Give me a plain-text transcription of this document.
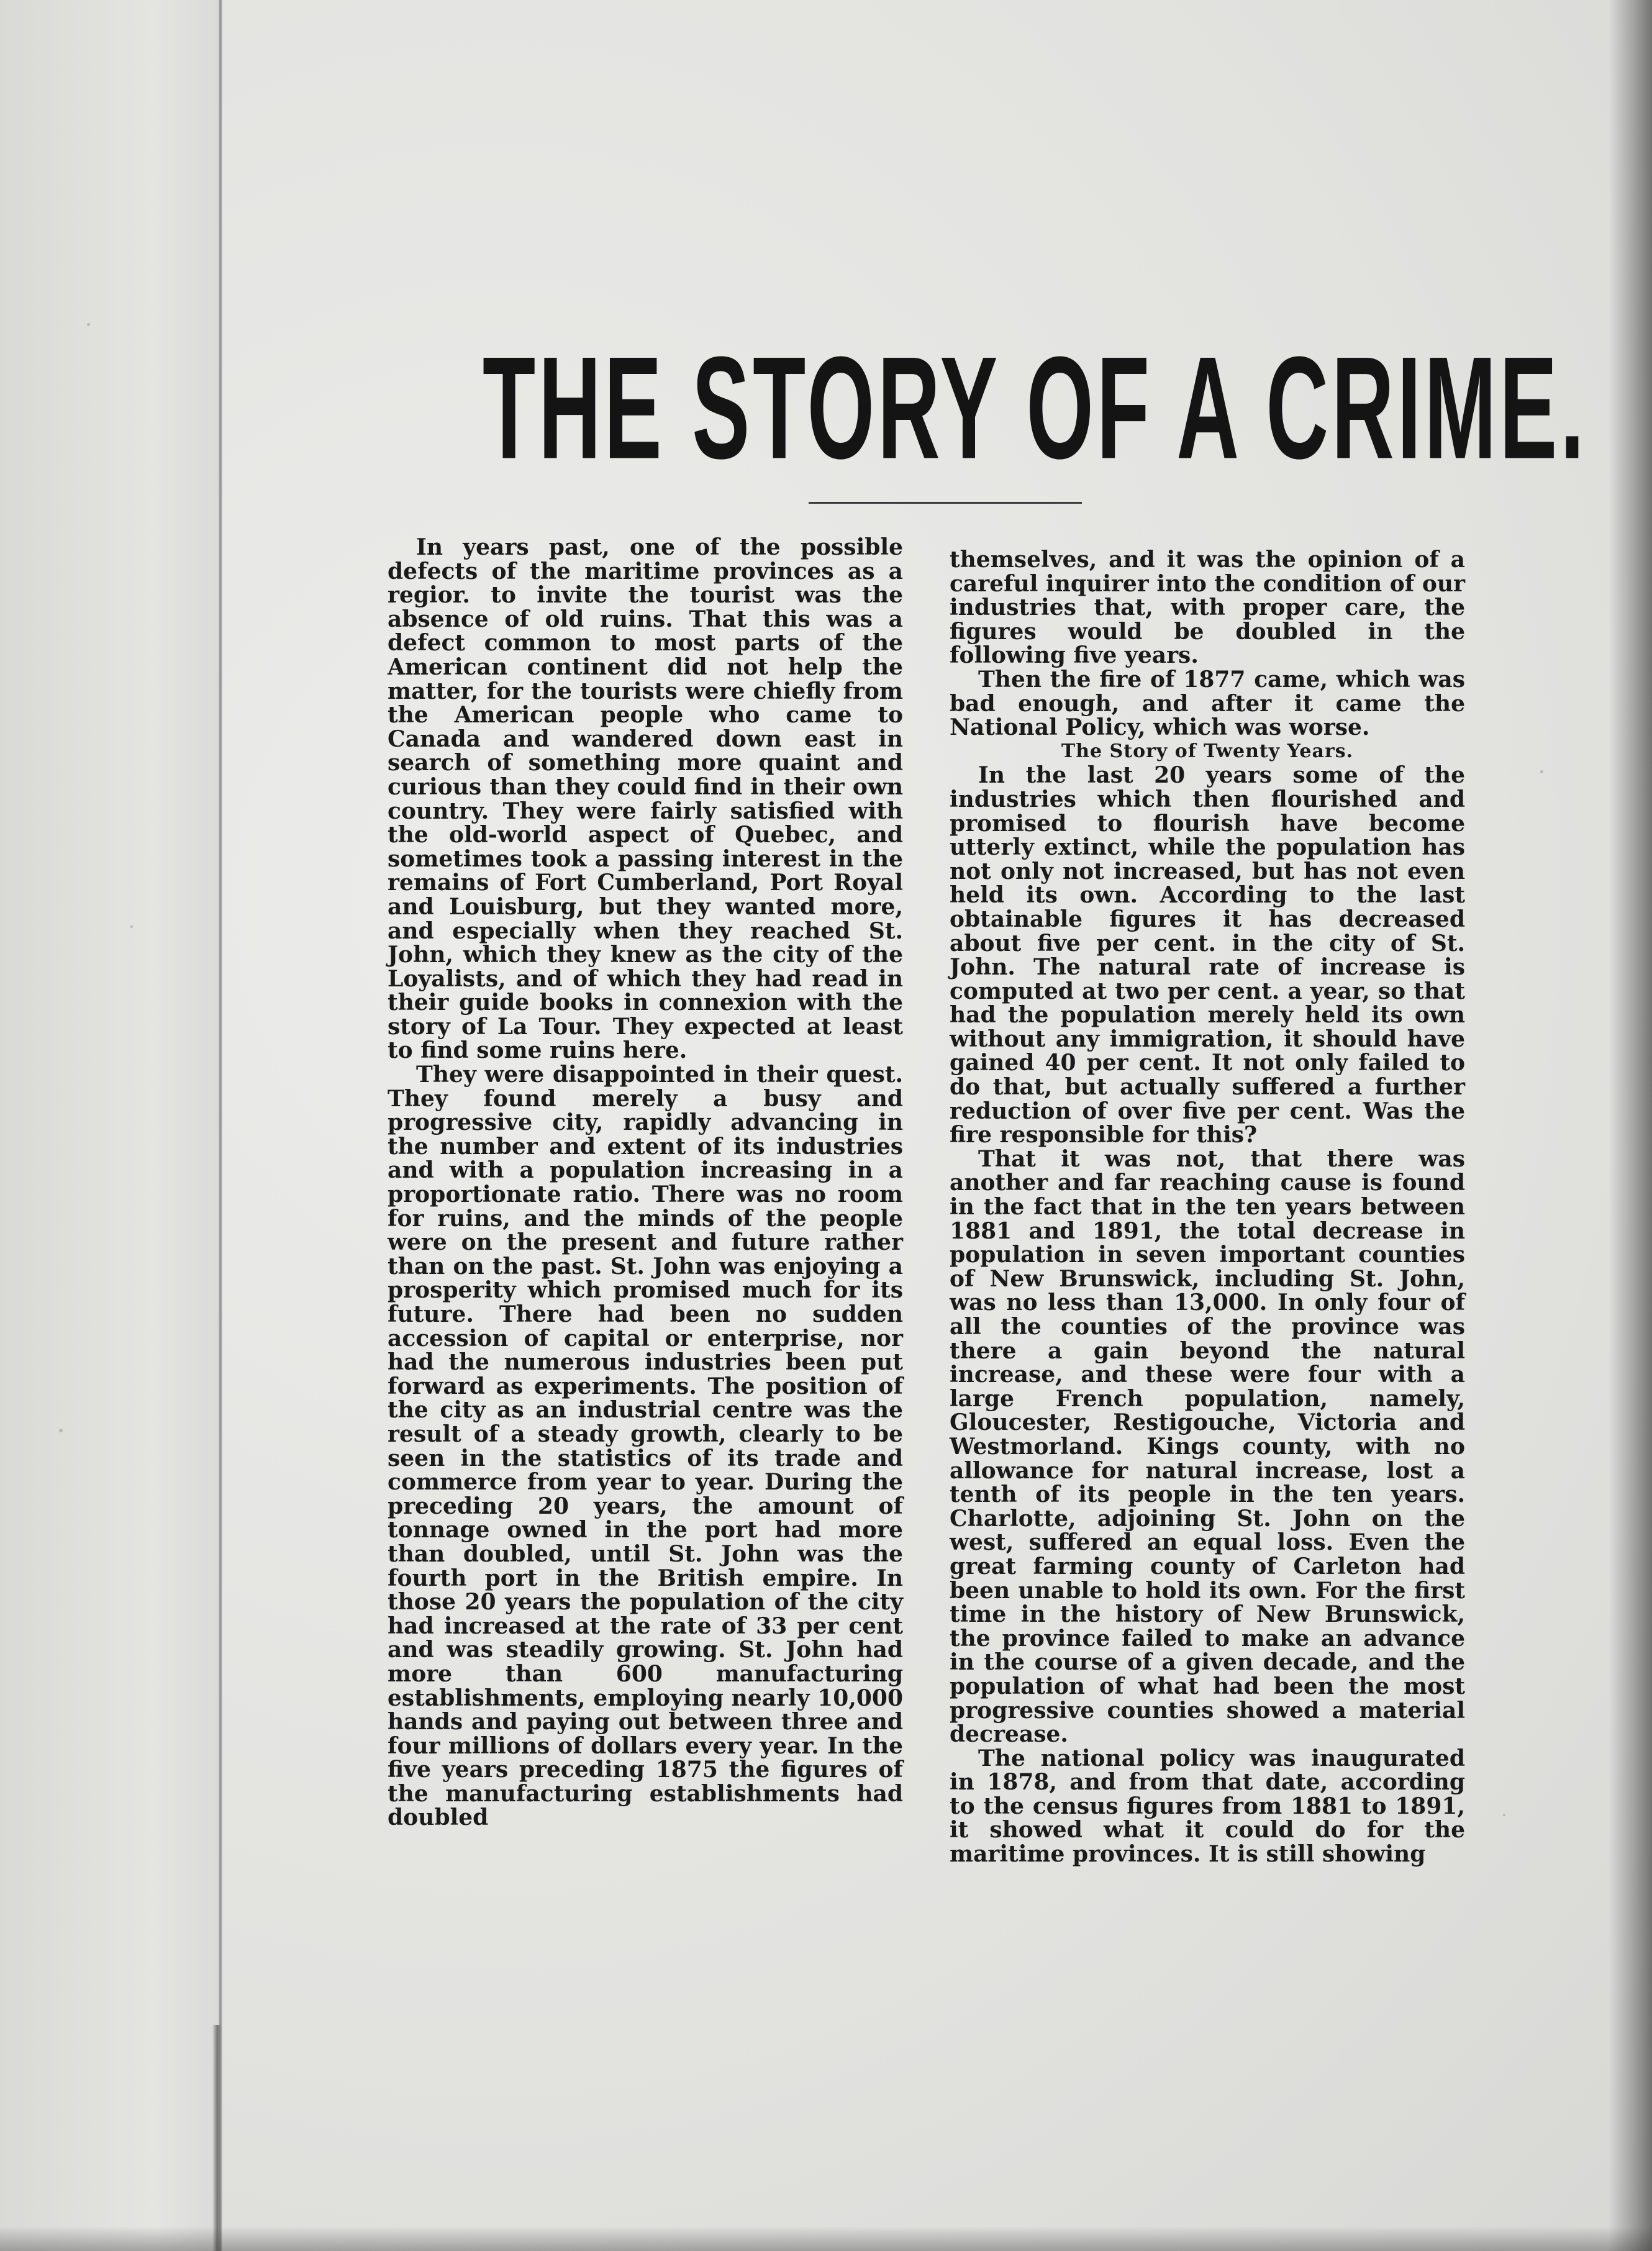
THE STORY OF A CRIME.

In years past, one of the possible defects of the maritime provinces as a regior. to invite the tourist was the absence of old ruins. That this was a defect common to most parts of the American continent did not help the matter, for the tourists were chiefly from the American people who came to Canada and wandered down east in search of something more quaint and curious than they could find in their own country. They were fairly satisfied with the old-world aspect of Quebec, and sometimes took a passing interest in the remains of Fort Cumberland, Port Royal and Louisburg, but they wanted more, and especially when they reached St. John, which they knew as the city of the Loyalists, and of which they had read in their guide books in connexion with the story of La Tour. They expected at least to find some ruins here.

They were disappointed in their quest. They found merely a busy and progressive city, rapidly advancing in the number and extent of its industries and with a population increasing in a proportionate ratio. There was no room for ruins, and the minds of the people were on the present and future rather than on the past. St. John was enjoying a prosperity which promised much for its future. There had been no sudden accession of capital or enterprise, nor had the numerous industries been put forward as experiments. The position of the city as an industrial centre was the result of a steady growth, clearly to be seen in the statistics of its trade and commerce from year to year. During the preceding 20 years, the amount of tonnage owned in the port had more than doubled, until St. John was the fourth port in the British empire. In those 20 years the population of the city had increased at the rate of 33 per cent and was steadily growing. St. John had more than 600 manufacturing establishments, employing nearly 10,000 hands and paying out between three and four millions of dollars every year. In the five years preceding 1875 the figures of the manufacturing establishments had doubled

themselves, and it was the opinion of a careful inquirer into the condition of our industries that, with proper care, the figures would be doubled in the following five years.

Then the fire of 1877 came, which was bad enough, and after it came the National Policy, which was worse.

The Story of Twenty Years.

In the last 20 years some of the industries which then flourished and promised to flourish have become utterly extinct, while the population has not only not increased, but has not even held its own. According to the last obtainable figures it has decreased about five per cent. in the city of St. John. The natural rate of increase is computed at two per cent. a year, so that had the population merely held its own without any immigration, it should have gained 40 per cent. It not only failed to do that, but actually suffered a further reduction of over five per cent. Was the fire responsible for this?

That it was not, that there was another and far reaching cause is found in the fact that in the ten years between 1881 and 1891, the total decrease in population in seven important counties of New Brunswick, including St. John, was no less than 13,000. In only four of all the counties of the province was there a gain beyond the natural increase, and these were four with a large French population, namely, Gloucester, Restigouche, Victoria and Westmorland. Kings county, with no allowance for natural increase, lost a tenth of its people in the ten years. Charlotte, adjoining St. John on the west, suffered an equal loss. Even the great farming county of Carleton had been unable to hold its own. For the first time in the history of New Brunswick, the province failed to make an advance in the course of a given decade, and the population of what had been the most progressive counties showed a material decrease.

The national policy was inaugurated in 1878, and from that date, according to the census figures from 1881 to 1891, it showed what it could do for the maritime provinces. It is still showing
